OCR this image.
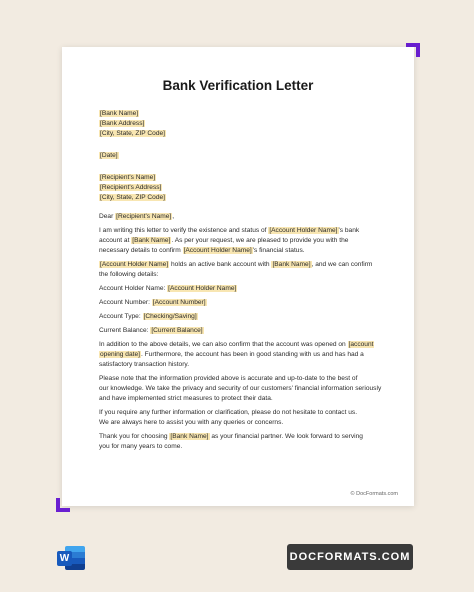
Bank Verification Letter
[Bank Name]
[Bank Address]
[City, State, ZIP Code]
[Date]
[Recipient's Name]
[Recipient's Address]
[City, State, ZIP Code]
Dear [Recipient's Name],
I am writing this letter to verify the existence and status of [Account Holder Name]'s bank
account at [Bank Name]. As per your request, we are pleased to provide you with the
necessary details to confirm [Account Holder Name]'s financial status.
[Account Holder Name] holds an active bank account with [Bank Name], and we can confirm
the following details:
Account Holder Name: [Account Holder Name]
Account Number: [Account Number]
Account Type: [Checking/Saving]
Current Balance: [Current Balance]
In addition to the above details, we can also confirm that the account was opened on [account
opening date]. Furthermore, the account has been in good standing with us and has had a
satisfactory transaction history.
Please note that the information provided above is accurate and up-to-date to the best of
our knowledge. We take the privacy and security of our customers' financial information seriously
and have implemented strict measures to protect their data.
If you require any further information or clarification, please do not hesitate to contact us.
We are always here to assist you with any queries or concerns.
Thank you for choosing [Bank Name] as your financial partner. We look forward to serving
you for many years to come.
© DocFormats.com
W	DOCFORMATS.COM
